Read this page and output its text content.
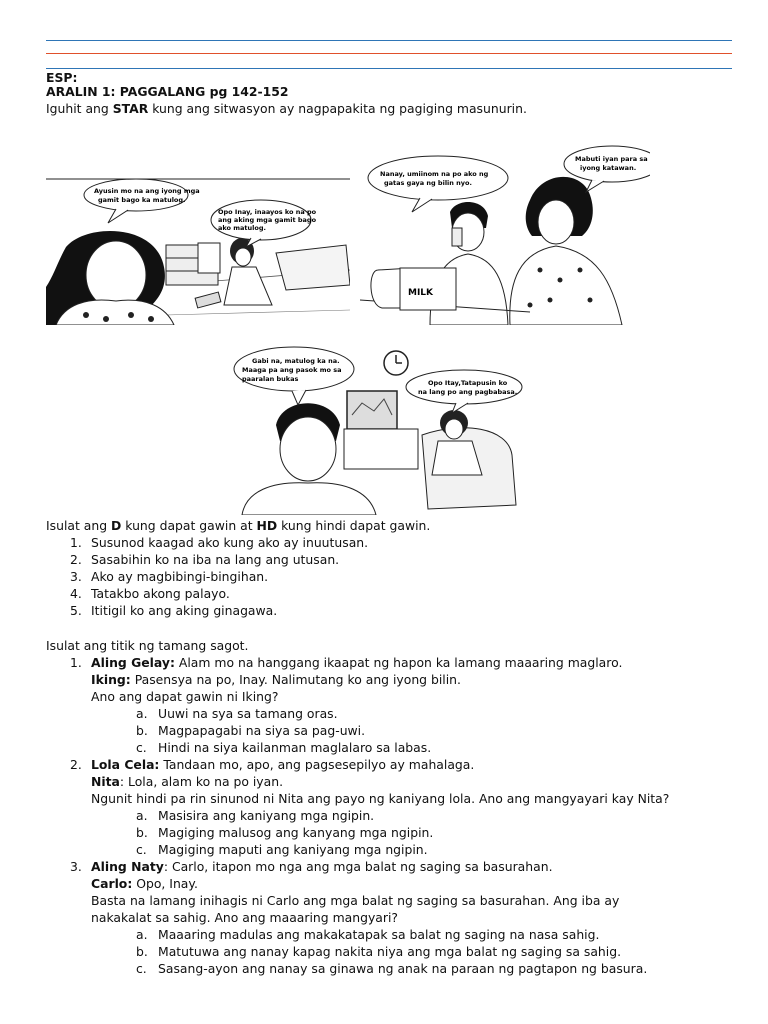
ESP:
ARALIN 1: PAGGALANG pg 142-152
Iguhit ang STAR kung ang sitwasyon ay nagpapakita ng pagiging masunurin.
Ayusin mo na ang iyong mga
gamit bago ka matulog.
Opo Inay, inaayos ko na po
ang aking mga gamit bago
ako matulog.
MILK
Nanay, umiinom na po ako ng
gatas gaya ng bilin nyo.
Mabuti iyan para sa
iyong katawan.
Gabi na, matulog ka na.
Maaga pa ang pasok mo sa
paaralan bukas	Opo Itay,Tatapusin ko
na lang po ang pagbabasa.
Isulat ang D kung dapat gawin at HD kung hindi dapat gawin.
1. Susunod kaagad ako kung ako ay inuutusan.
2. Sasabihin ko na iba na lang ang utusan.
3. Ako ay magbibingi-bingihan.
4. Tatakbo akong palayo.
5. Ititigil ko ang aking ginagawa.
Isulat ang titik ng tamang sagot.
1. Aling Gelay: Alam mo na hanggang ikaapat ng hapon ka lamang maaaring maglaro.
Iking: Pasensya na po, Inay. Nalimutang ko ang iyong bilin.
Ano ang dapat gawin ni Iking?
a. Uuwi na sya sa tamang oras.
b. Magpapagabi na siya sa pag-uwi.
c. Hindi na siya kailanman maglalaro sa labas.
2. Lola Cela: Tandaan mo, apo, ang pagsesepilyo ay mahalaga.
Nita: Lola, alam ko na po iyan.
Ngunit hindi pa rin sinunod ni Nita ang payo ng kaniyang lola. Ano ang mangyayari kay Nita?
a. Masisira ang kaniyang mga ngipin.
b. Magiging malusog ang kanyang mga ngipin.
c. Magiging maputi ang kaniyang mga ngipin.
3. Aling Naty: Carlo, itapon mo nga ang mga balat ng saging sa basurahan.
Carlo: Opo, Inay.
Basta na lamang inihagis ni Carlo ang mga balat ng saging sa basurahan. Ang iba ay
nakakalat sa sahig. Ano ang maaaring mangyari?
a. Maaaring madulas ang makakatapak sa balat ng saging na nasa sahig.
b. Matutuwa ang nanay kapag nakita niya ang mga balat ng saging sa sahig.
c. Sasang-ayon ang nanay sa ginawa ng anak na paraan ng pagtapon ng basura.
